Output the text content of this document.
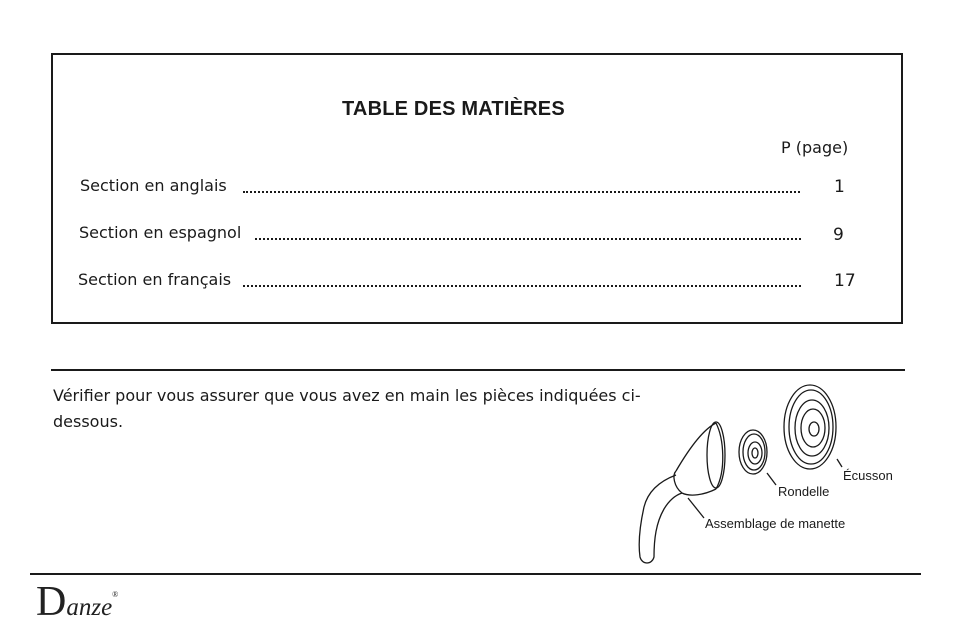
TABLE DES MATIÈRES
P (page)
Section en anglais	1
Section en espagnol	9
Section en français	17
Vérifier pour vous assurer que vous avez en main les pièces indiquées ci-dessous.
Écusson
Rondelle
Assemblage de manette
Danze®
